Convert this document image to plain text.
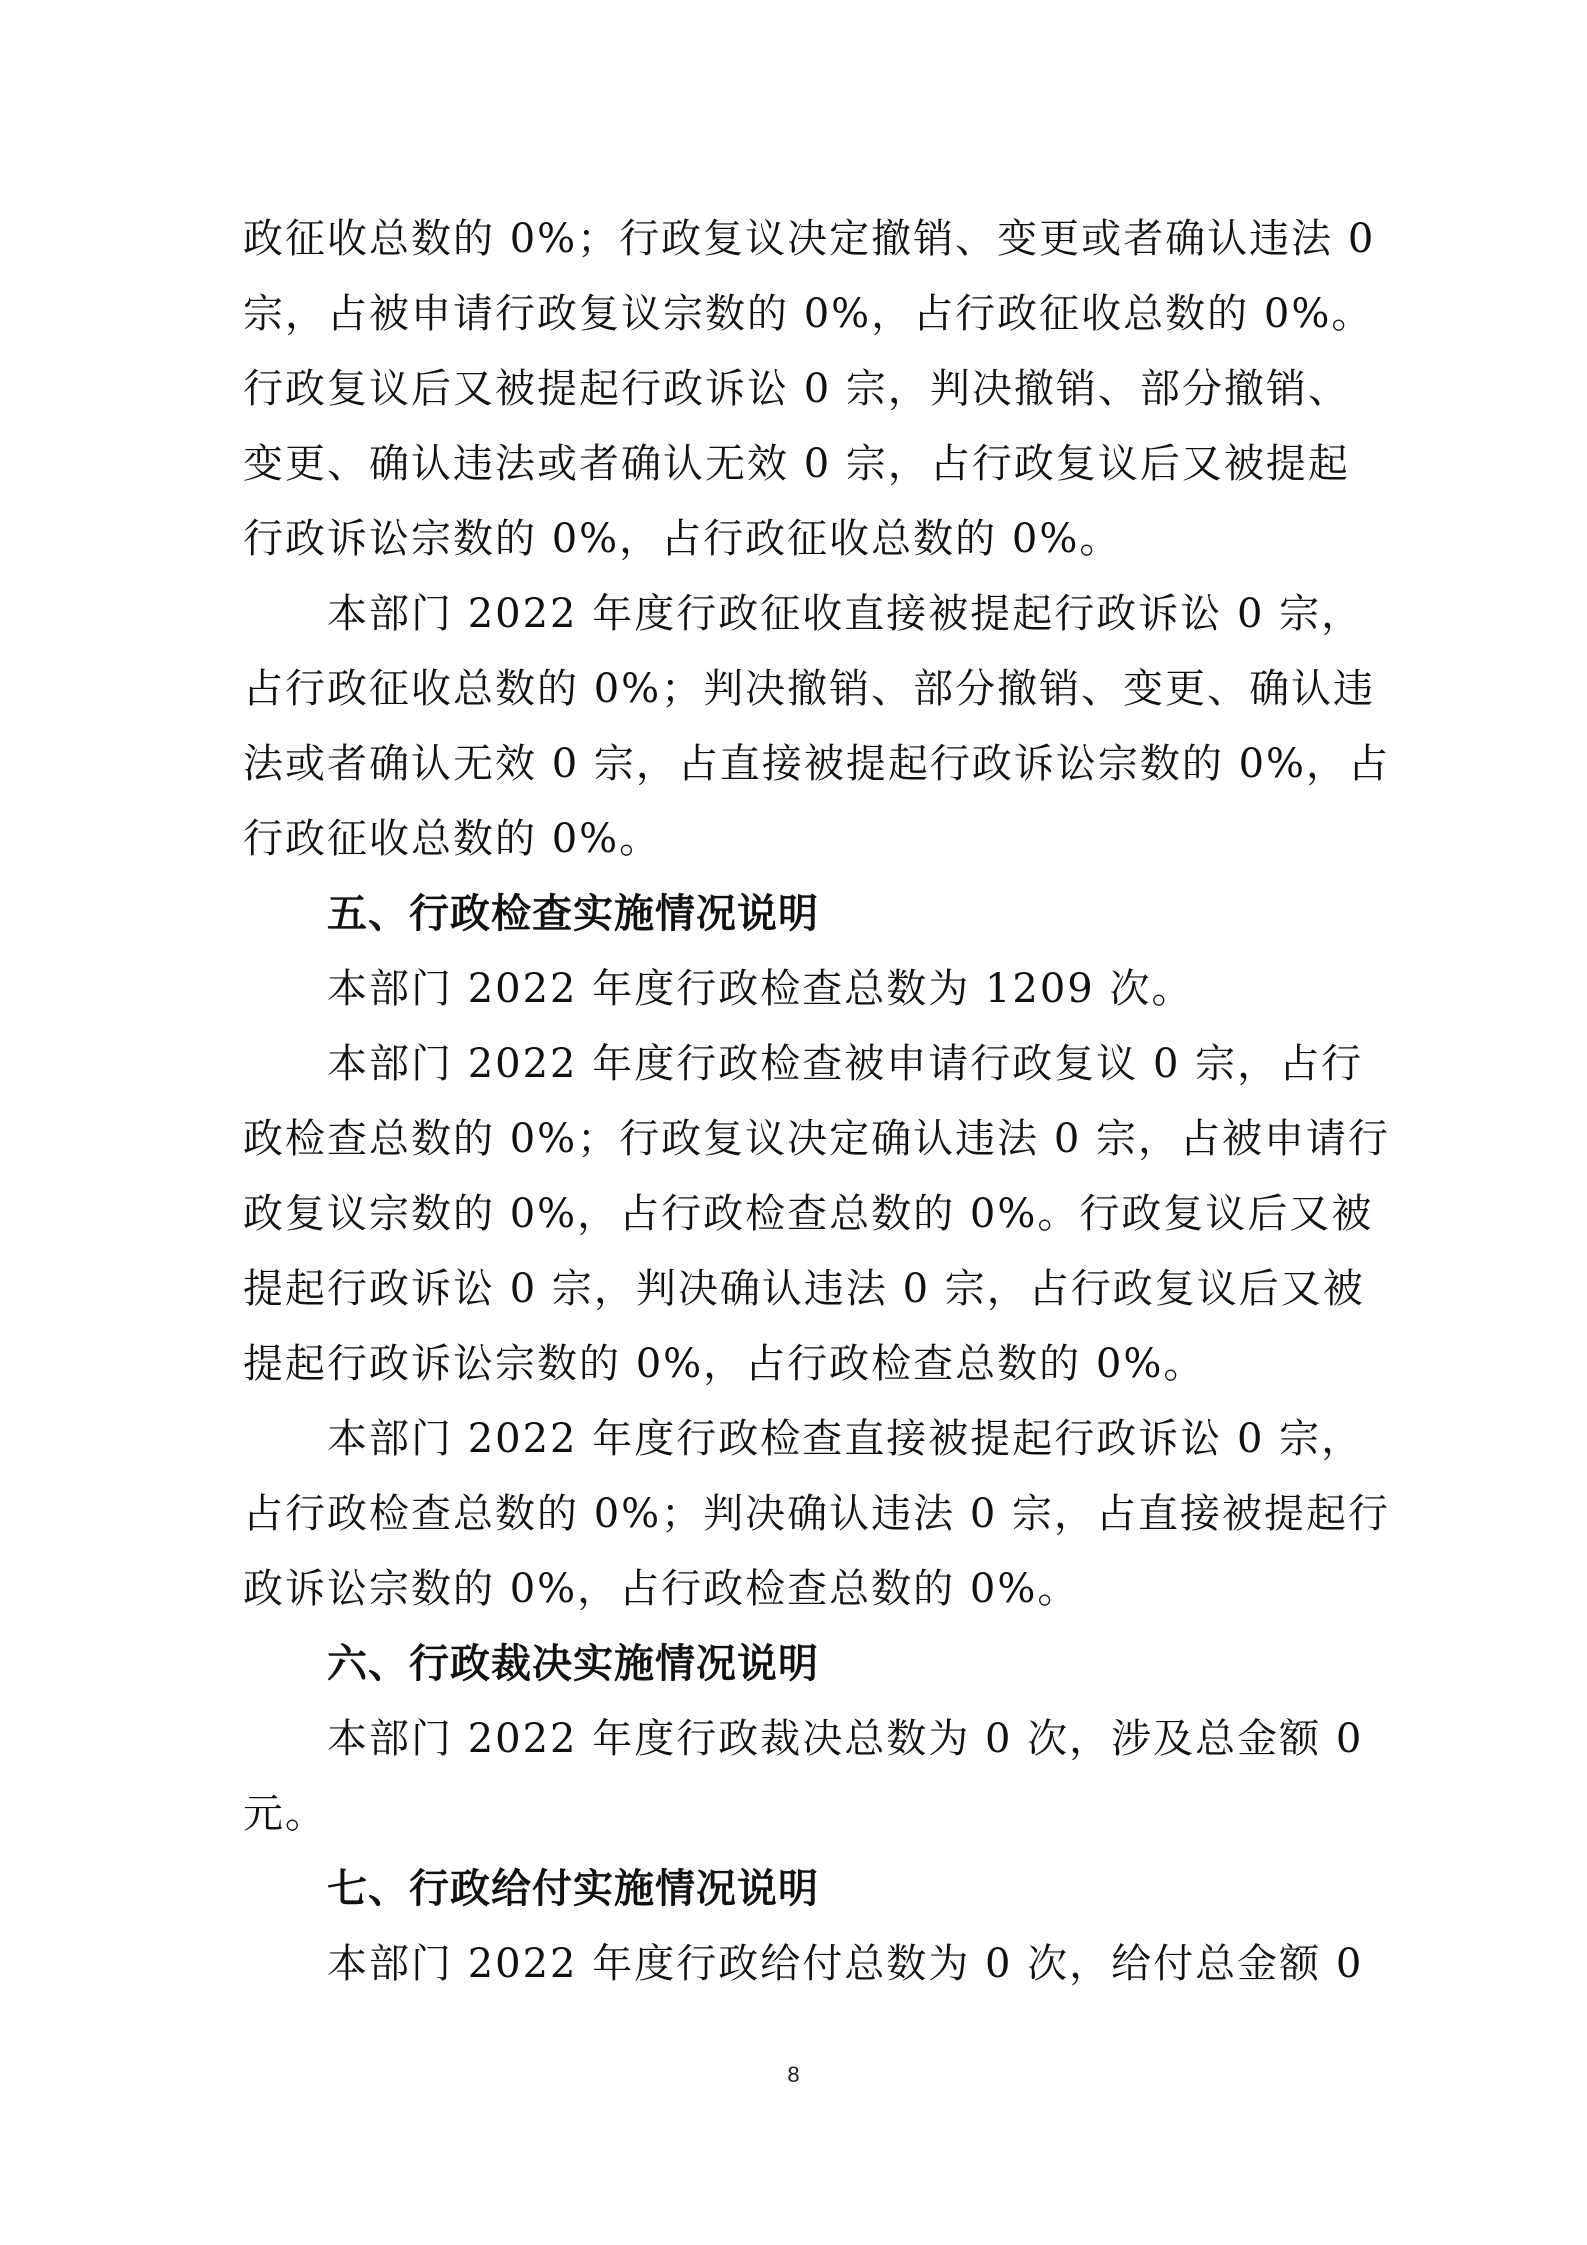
政征收总数的 0%；行政复议决定撤销、变更或者确认违法 0
宗，占被申请行政复议宗数的 0%，占行政征收总数的 0%。
行政复议后又被提起行政诉讼 0 宗，判决撤销、部分撤销、
变更、确认违法或者确认无效 0 宗，占行政复议后又被提起
行政诉讼宗数的 0%，占行政征收总数的 0%。
本部门 2022 年度行政征收直接被提起行政诉讼 0 宗，
占行政征收总数的 0%；判决撤销、部分撤销、变更、确认违
法或者确认无效 0 宗，占直接被提起行政诉讼宗数的 0%，占
行政征收总数的 0%。
五、行政检查实施情况说明
本部门 2022 年度行政检查总数为 1209 次。
本部门 2022 年度行政检查被申请行政复议 0 宗，占行
政检查总数的 0%；行政复议决定确认违法 0 宗，占被申请行
政复议宗数的 0%，占行政检查总数的 0%。行政复议后又被
提起行政诉讼 0 宗，判决确认违法 0 宗，占行政复议后又被
提起行政诉讼宗数的 0%，占行政检查总数的 0%。
本部门 2022 年度行政检查直接被提起行政诉讼 0 宗，
占行政检查总数的 0%；判决确认违法 0 宗，占直接被提起行
政诉讼宗数的 0%，占行政检查总数的 0%。
六、行政裁决实施情况说明
本部门 2022 年度行政裁决总数为 0 次，涉及总金额 0
元。
七、行政给付实施情况说明
本部门 2022 年度行政给付总数为 0 次，给付总金额 0
8
